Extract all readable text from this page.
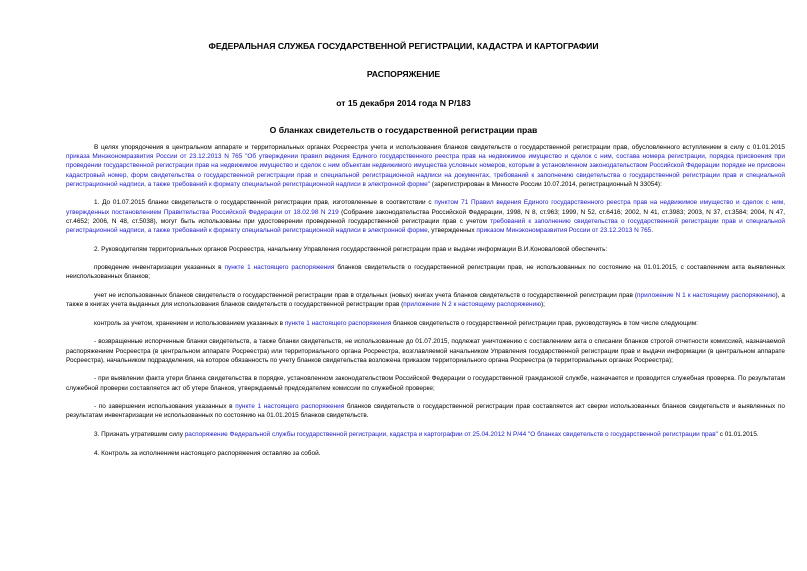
ФЕДЕРАЛЬНАЯ СЛУЖБА ГОСУДАРСТВЕННОЙ РЕГИСТРАЦИИ, КАДАСТРА И КАРТОГРАФИИ
РАСПОРЯЖЕНИЕ
от 15 декабря 2014 года N Р/183
О бланках свидетельств о государственной регистрации прав

В целях упорядочения в центральном аппарате и территориальных органах Росреестра учета и использования бланков свидетельств о государственной регистрации прав, обусловленного вступлением в силу с 01.01.2015 приказа Минэкономразвития России от 23.12.2013 N 765 "Об утверждении правил ведения Единого государственного реестра прав на недвижимое имущество и сделок с ним, состава номера регистрации, порядка присвоения при проведении государственной регистрации прав на недвижимое имущество и сделок с ним объектам недвижимого имущества условных номеров, которым в установленном законодательством Российской Федерации порядке не присвоен кадастровый номер, форм свидетельства о государственной регистрации прав и специальной регистрационной надписи на документах, требований к заполнению свидетельства о государственной регистрации прав и специальной регистрационной надписи, а также требований к формату специальной регистрационной надписи в электронной форме" (зарегистрирован в Минюсте России 10.07.2014, регистрационный N 33054):

1. До 01.07.2015 бланки свидетельств о государственной регистрации прав, изготовленные в соответствии с пунктом 71 Правил ведения Единого государственного реестра прав на недвижимое имущество и сделок с ним, утвержденных постановлением Правительства Российской Федерации от 18.02.98 N 219 (Собрание законодательства Российской Федерации, 1998, N 8, ст.963; 1999, N 52, ст.6416; 2002, N 41, ст.3983; 2003, N 37, ст.3584; 2004, N 47, ст.4652; 2006, N 48, ст.5038), могут быть использованы при удостоверении проведенной государственной регистрации прав с учетом требований к заполнению свидетельства о государственной регистрации прав и специальной регистрационной надписи, а также требований к формату специальной регистрационной надписи в электронной форме, утвержденных приказом Минэкономразвития России от 23.12.2013 N 765.

2. Руководителям территориальных органов Росреестра, начальнику Управления государственной регистрации прав и выдачи информации В.И.Коноваловой обеспечить:

проведение инвентаризации указанных в пункте 1 настоящего распоряжения бланков свидетельств о государственной регистрации прав, не использованных по состоянию на 01.01.2015, с составлением акта выявленных неиспользованных бланков;

учет не использованных бланков свидетельств о государственной регистрации прав в отдельных (новых) книгах учета бланков свидетельств о государственной регистрации прав (приложение N 1 к настоящему распоряжению), а также в книгах учета выданных для использования бланков свидетельств о государственной регистрации прав (приложение N 2 к настоящему распоряжению);

контроль за учетом, хранением и использованием указанных в пункте 1 настоящего распоряжения бланков свидетельств о государственной регистрации прав, руководствуясь в том числе следующим:

- возвращенные испорченные бланки свидетельств, а также бланки свидетельств, не использованные до 01.07.2015, подлежат уничтожению с составлением акта о списании бланков строгой отчетности комиссией, назначаемой распоряжением Росреестра (в центральном аппарате Росреестра) или территориального органа Росреестра, возглавляемой начальником Управления государственной регистрации прав и выдачи информации (в центральном аппарате Росреестра), начальником подразделения, на которое обязанность по учету бланков свидетельства возложена приказом территориального органа Росреестра (в территориальных органах Росреестра);

- при выявлении факта утери бланка свидетельства в порядке, установленном законодательством Российской Федерации о государственной гражданской службе, назначается и проводится служебная проверка. По результатам служебной проверки составляется акт об утере бланков, утверждаемый председателем комиссии по служебной проверке;

- по завершении использования указанных в пункте 1 настоящего распоряжения бланков свидетельств о государственной регистрации прав составляется акт сверки использованных бланков свидетельств и выявленных по результатам инвентаризации не использованных по состоянию на 01.01.2015 бланков свидетельств.

3. Признать утратившим силу распоряжение Федеральной службы государственной регистрации, кадастра и картографии от 25.04.2012 N Р/44 "О бланках свидетельств о государственной регистрации прав" с 01.01.2015.

4. Контроль за исполнением настоящего распоряжения оставляю за собой.
